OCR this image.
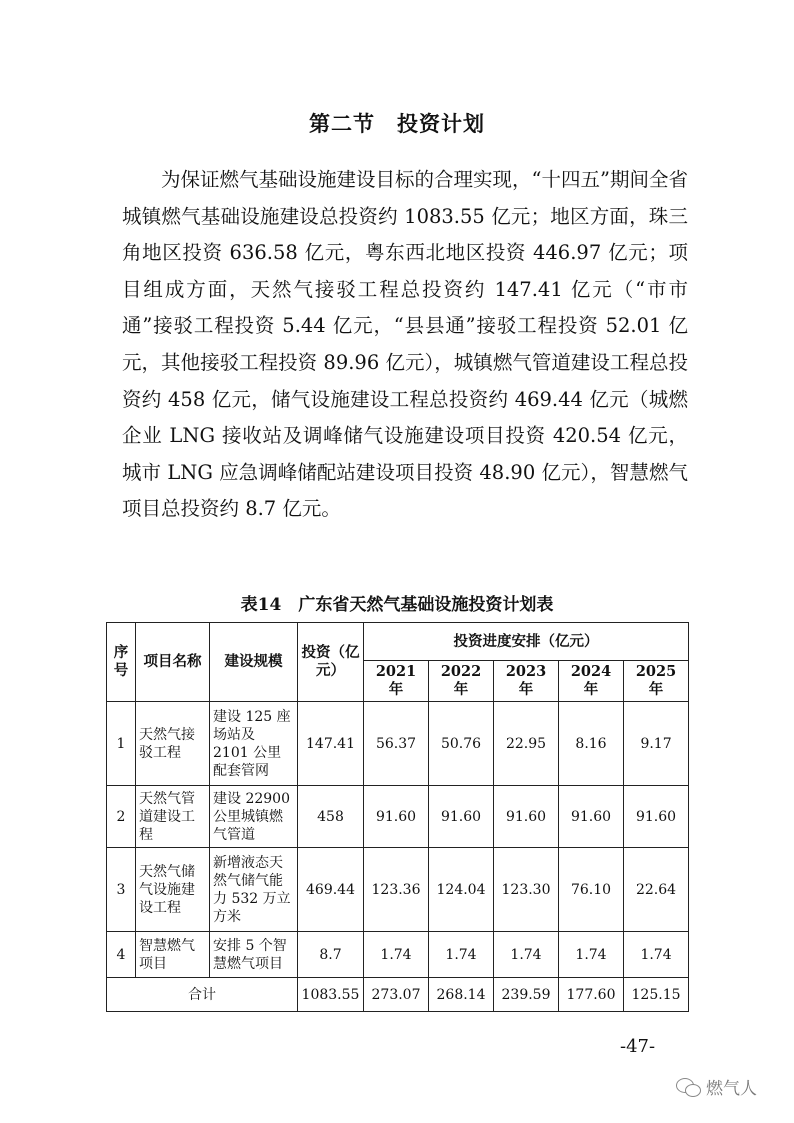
第二节　投资计划

为保证燃气基础设施建设目标的合理实现，“十四五”期间全省城镇燃气基础设施建设总投资约 1083.55 亿元；地区方面，珠三角地区投资 636.58 亿元，粤东西北地区投资 446.97 亿元；项目组成方面，天然气接驳工程总投资约 147.41 亿元（“市市通”接驳工程投资 5.44 亿元，“县县通”接驳工程投资 52.01 亿元，其他接驳工程投资 89.96 亿元），城镇燃气管道建设工程总投资约 458 亿元，储气设施建设工程总投资约 469.44 亿元（城燃企业 LNG 接收站及调峰储气设施建设项目投资 420.54 亿元，城市 LNG 应急调峰储配站建设项目投资 48.90 亿元），智慧燃气项目总投资约 8.7 亿元。

表14　广东省天然气基础设施投资计划表
序号	项目名称	建设规模	投资（亿元）	投资进度安排（亿元）				
				2021 年	2022 年	2023 年	2024 年	2025 年
1	天然气接驳工程	建设 125 座场站及 2101 公里配套管网	147.41	56.37	50.76	22.95	8.16	9.17
2	天然气管道建设工程	建设 22900 公里城镇燃气管道	458	91.60	91.60	91.60	91.60	91.60
3	天然气储气设施建设工程	新增液态天然气储气能力 532 万立方米	469.44	123.36	124.04	123.30	76.10	22.64
4	智慧燃气项目	安排 5 个智慧燃气项目	8.7	1.74	1.74	1.74	1.74	1.74
合计			1083.55	273.07	268.14	239.59	177.60	125.15
-47-
燃气人
